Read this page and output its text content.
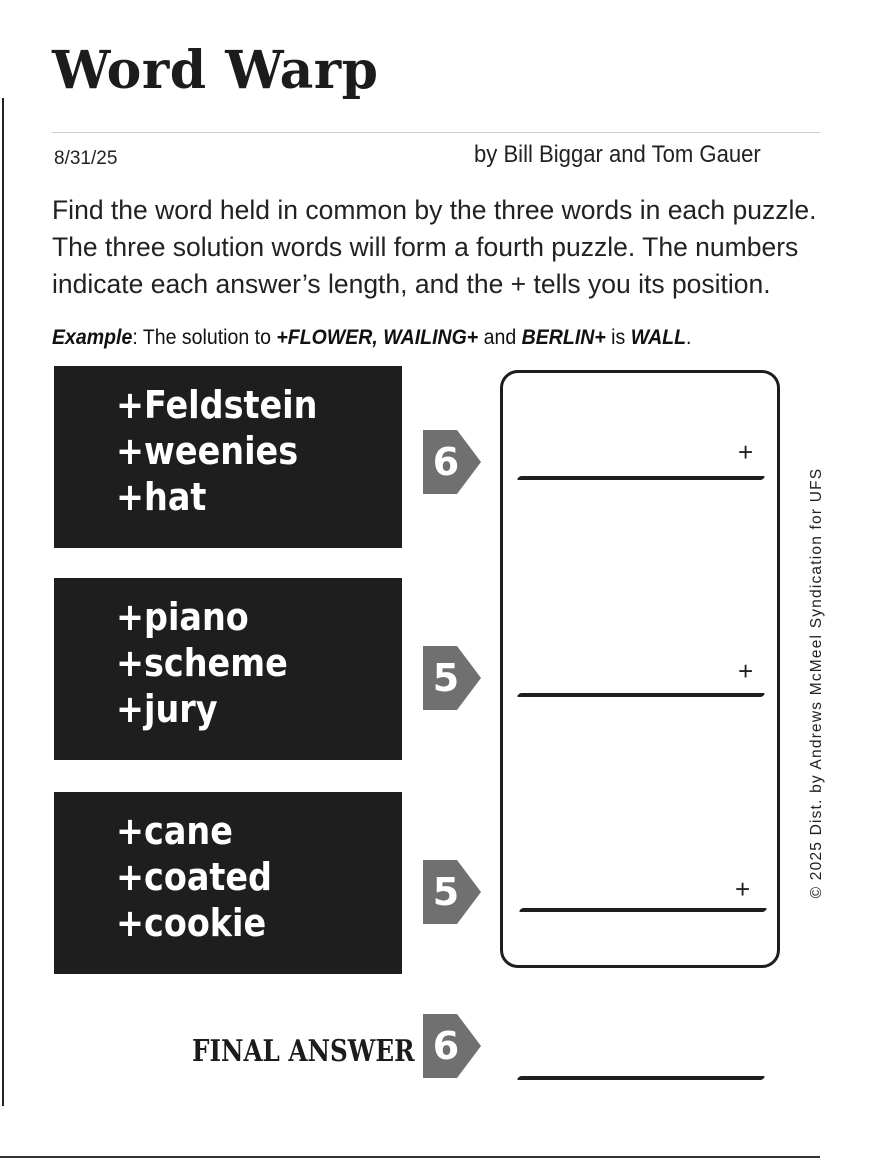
Word Warp
8/31/25	by Bill Biggar and Tom Gauer

Find the word held in common by the three words in each puzzle. The three solution words will form a fourth puzzle. The numbers indicate each answer’s length, and the + tells you its position.

Example: The solution to +FLOWER, WAILING+ and BERLIN+ is WALL.

+Feldstein
+weenies
+hat
6
+piano
+scheme
+jury
5
+cane
+coated
+cookie
5
+
+
+
FINAL ANSWER 6
© 2025 Dist. by Andrews McMeel Syndication for UFS
